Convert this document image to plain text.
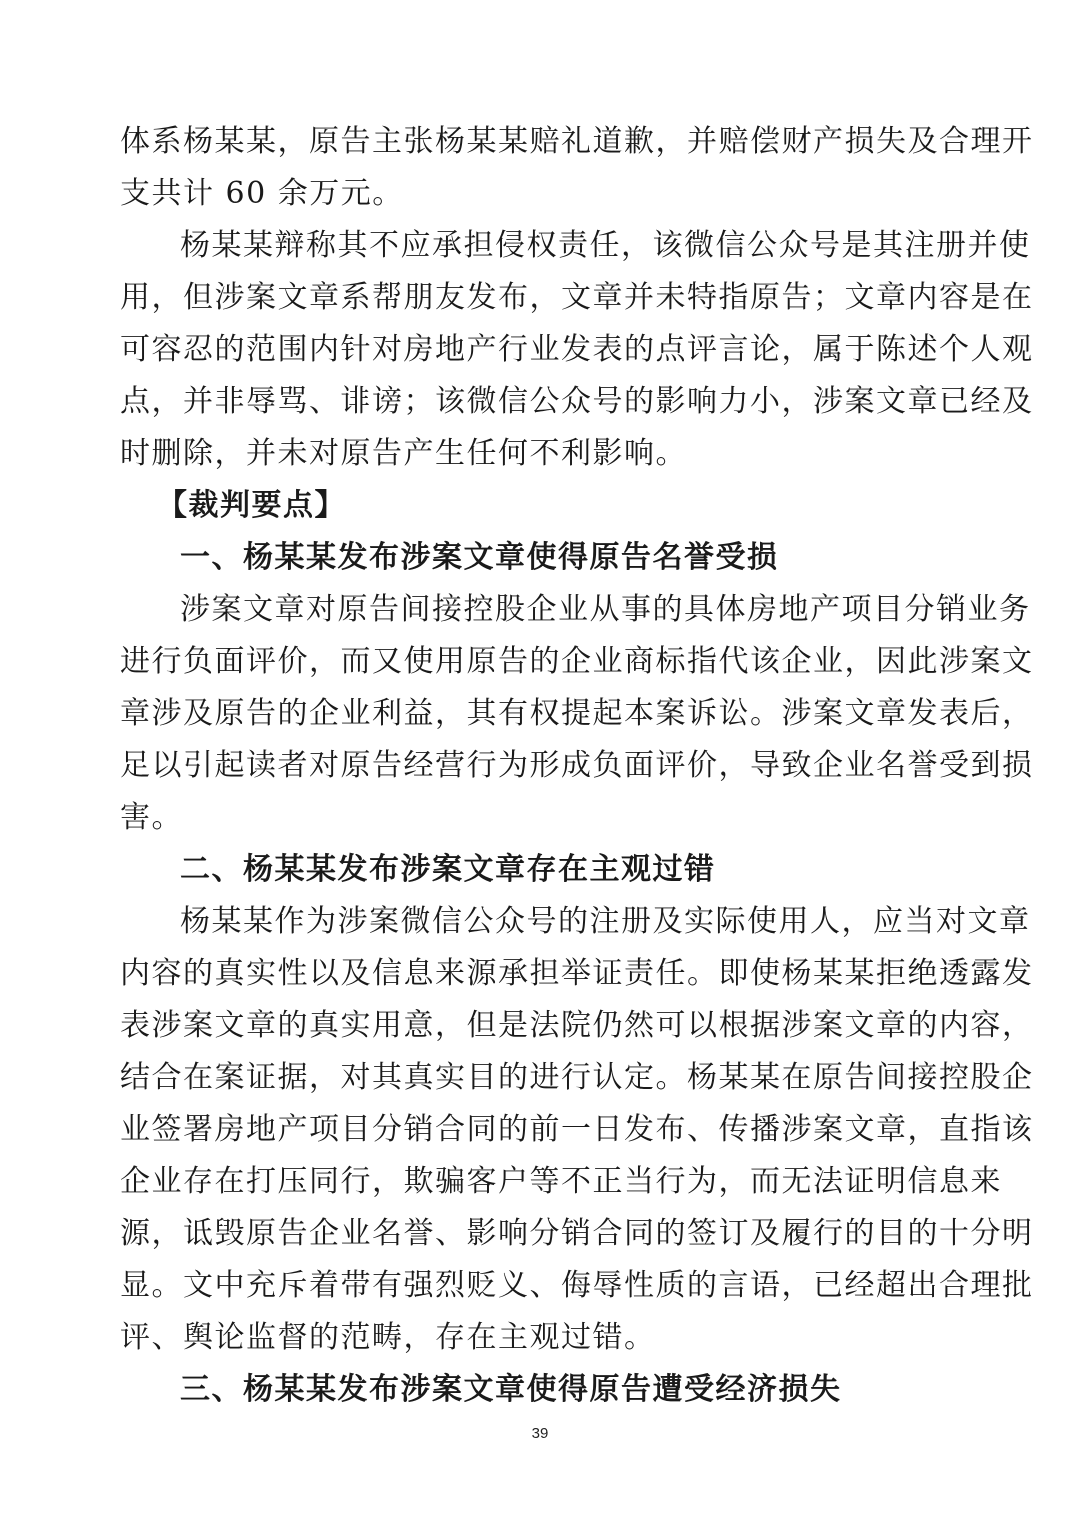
体系杨某某，原告主张杨某某赔礼道歉，并赔偿财产损失及合理开

支共计 60 余万元。

杨某某辩称其不应承担侵权责任，该微信公众号是其注册并使

用，但涉案文章系帮朋友发布，文章并未特指原告；文章内容是在

可容忍的范围内针对房地产行业发表的点评言论，属于陈述个人观

点，并非辱骂、诽谤；该微信公众号的影响力小，涉案文章已经及

时删除，并未对原告产生任何不利影响。

【裁判要点】

一、杨某某发布涉案文章使得原告名誉受损

涉案文章对原告间接控股企业从事的具体房地产项目分销业务

进行负面评价，而又使用原告的企业商标指代该企业，因此涉案文

章涉及原告的企业利益，其有权提起本案诉讼。涉案文章发表后，

足以引起读者对原告经营行为形成负面评价，导致企业名誉受到损

害。

二、杨某某发布涉案文章存在主观过错

杨某某作为涉案微信公众号的注册及实际使用人，应当对文章

内容的真实性以及信息来源承担举证责任。即使杨某某拒绝透露发

表涉案文章的真实用意，但是法院仍然可以根据涉案文章的内容，

结合在案证据，对其真实目的进行认定。杨某某在原告间接控股企

业签署房地产项目分销合同的前一日发布、传播涉案文章，直指该

企业存在打压同行，欺骗客户等不正当行为，而无法证明信息来

源，诋毁原告企业名誉、影响分销合同的签订及履行的目的十分明

显。文中充斥着带有强烈贬义、侮辱性质的言语，已经超出合理批

评、舆论监督的范畴，存在主观过错。

三、杨某某发布涉案文章使得原告遭受经济损失

39
